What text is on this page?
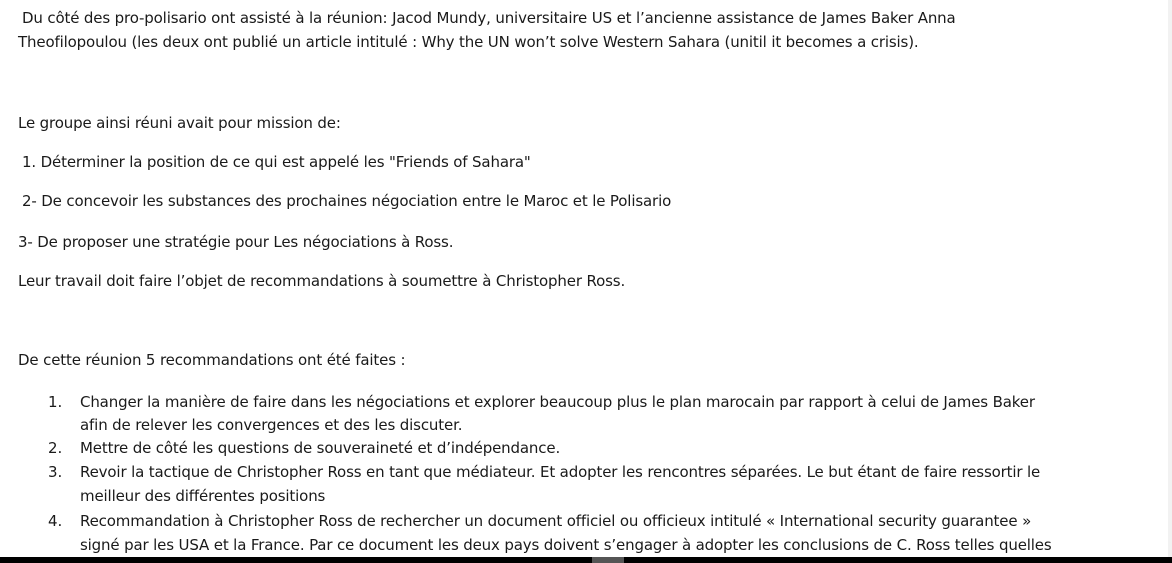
Du côté des pro-polisario ont assisté à la réunion: Jacod Mundy, universitaire US et l’ancienne assistance de James Baker Anna
Theofilopoulou (les deux ont publié un article intitulé : Why the UN won’t solve Western Sahara (unitil it becomes a crisis).
Le groupe ainsi réuni avait pour mission de:
1. Déterminer la position de ce qui est appelé les "Friends of Sahara"
2- De concevoir les substances des prochaines négociation entre le Maroc et le Polisario
3- De proposer une stratégie pour Les négociations à Ross.
Leur travail doit faire l’objet de recommandations à soumettre à Christopher Ross.
De cette réunion 5 recommandations ont été faites :
1. Changer la manière de faire dans les négociations et explorer beaucoup plus le plan marocain par rapport à celui de James Baker
afin de relever les convergences et des les discuter.
2. Mettre de côté les questions de souveraineté et d’indépendance.
3. Revoir la tactique de Christopher Ross en tant que médiateur. Et adopter les rencontres séparées. Le but étant de faire ressortir le
meilleur des différentes positions
4. Recommandation à Christopher Ross de rechercher un document officiel ou officieux intitulé « International security guarantee »
signé par les USA et la France. Par ce document les deux pays doivent s’engager à adopter les conclusions de C. Ross telles quelles
